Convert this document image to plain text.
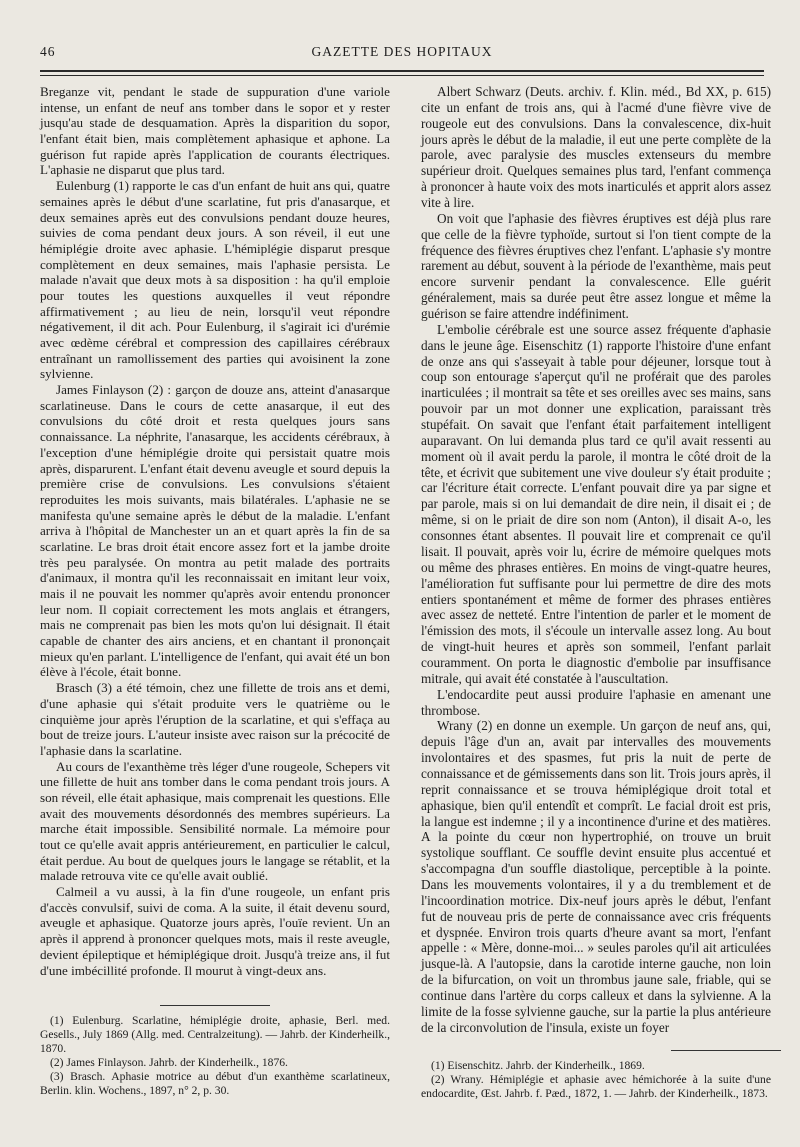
46	GAZETTE DES HOPITAUX

Breganze vit, pendant le stade de suppuration d'une variole intense, un enfant de neuf ans tomber dans le sopor et y rester jusqu'au stade de desquamation. Après la disparition du sopor, l'enfant était bien, mais complètement aphasique et aphone. La guérison fut rapide après l'application de courants électriques. L'aphasie ne disparut que plus tard.

Eulenburg (1) rapporte le cas d'un enfant de huit ans qui, quatre semaines après le début d'une scarlatine, fut pris d'anasarque, et deux semaines après eut des convulsions pendant douze heures, suivies de coma pendant deux jours. A son réveil, il eut une hémiplégie droite avec aphasie. L'hémiplégie disparut presque complètement en deux semaines, mais l'aphasie persista. Le malade n'avait que deux mots à sa disposition : ha qu'il emploie pour toutes les questions auxquelles il veut répondre affirmativement ; au lieu de nein, lorsqu'il veut répondre négativement, il dit ach. Pour Eulenburg, il s'agirait ici d'urémie avec œdème cérébral et compression des capillaires cérébraux entraînant un ramollissement des parties qui avoisinent la zone sylvienne.

James Finlayson (2) : garçon de douze ans, atteint d'anasarque scarlatineuse. Dans le cours de cette anasarque, il eut des convulsions du côté droit et resta quelques jours sans connaissance. La néphrite, l'anasarque, les accidents cérébraux, à l'exception d'une hémiplégie droite qui persistait quatre mois après, disparurent. L'enfant était devenu aveugle et sourd depuis la première crise de convulsions. Les convulsions s'étaient reproduites les mois suivants, mais bilatérales. L'aphasie ne se manifesta qu'une semaine après le début de la maladie. L'enfant arriva à l'hôpital de Manchester un an et quart après la fin de sa scarlatine. Le bras droit était encore assez fort et la jambe droite très peu paralysée. On montra au petit malade des portraits d'animaux, il montra qu'il les reconnaissait en imitant leur voix, mais il ne pouvait les nommer qu'après avoir entendu prononcer leur nom. Il copiait correctement les mots anglais et étrangers, mais ne comprenait pas bien les mots qu'on lui désignait. Il était capable de chanter des airs anciens, et en chantant il prononçait mieux qu'en parlant. L'intelligence de l'enfant, qui avait été un bon élève à l'école, était bonne.

Brasch (3) a été témoin, chez une fillette de trois ans et demi, d'une aphasie qui s'était produite vers le quatrième ou le cinquième jour après l'éruption de la scarlatine, et qui s'effaça au bout de treize jours. L'auteur insiste avec raison sur la précocité de l'aphasie dans la scarlatine.

Au cours de l'exanthème très léger d'une rougeole, Schepers vit une fillette de huit ans tomber dans le coma pendant trois jours. A son réveil, elle était aphasique, mais comprenait les questions. Elle avait des mouvements désordonnés des membres supérieurs. La marche était impossible. Sensibilité normale. La mémoire pour tout ce qu'elle avait appris antérieurement, en particulier le calcul, était perdue. Au bout de quelques jours le langage se rétablit, et la malade retrouva vite ce qu'elle avait oublié.

Calmeil a vu aussi, à la fin d'une rougeole, un enfant pris d'accès convulsif, suivi de coma. A la suite, il était devenu sourd, aveugle et aphasique. Quatorze jours après, l'ouïe revient. Un an après il apprend à prononcer quelques mots, mais il reste aveugle, devient épileptique et hémiplégique droit. Jusqu'à treize ans, il fut d'une imbécillité profonde. Il mourut à vingt-deux ans.

Albert Schwarz (Deuts. archiv. f. Klin. méd., Bd XX, p. 615) cite un enfant de trois ans, qui à l'acmé d'une fièvre vive de rougeole eut des convulsions. Dans la convalescence, dix-huit jours après le début de la maladie, il eut une perte complète de la parole, avec paralysie des muscles extenseurs du membre supérieur droit. Quelques semaines plus tard, l'enfant commença à prononcer à haute voix des mots inarticulés et apprit alors assez vite à lire.

On voit que l'aphasie des fièvres éruptives est déjà plus rare que celle de la fièvre typhoïde, surtout si l'on tient compte de la fréquence des fièvres éruptives chez l'enfant. L'aphasie s'y montre rarement au début, souvent à la période de l'exanthème, mais peut encore survenir pendant la convalescence. Elle guérit généralement, mais sa durée peut être assez longue et même la guérison se faire attendre indéfiniment.

L'embolie cérébrale est une source assez fréquente d'aphasie dans le jeune âge. Eisenschitz (1) rapporte l'histoire d'une enfant de onze ans qui s'asseyait à table pour déjeuner, lorsque tout à coup son entourage s'aperçut qu'il ne proférait que des paroles inarticulées ; il montrait sa tête et ses oreilles avec ses mains, sans pouvoir par un mot donner une explication, paraissant très stupéfait. On savait que l'enfant était parfaitement intelligent auparavant. On lui demanda plus tard ce qu'il avait ressenti au moment où il avait perdu la parole, il montra le côté droit de la tête, et écrivit que subitement une vive douleur s'y était produite ; car l'écriture était correcte. L'enfant pouvait dire ya par signe et par parole, mais si on lui demandait de dire nein, il disait ei ; de même, si on le priait de dire son nom (Anton), il disait A-o, les consonnes étant absentes. Il pouvait lire et comprenait ce qu'il lisait. Il pouvait, après voir lu, écrire de mémoire quelques mots ou même des phrases entières. En moins de vingt-quatre heures, l'amélioration fut suffisante pour lui permettre de dire des mots entiers spontanément et même de former des phrases entières avec assez de netteté. Entre l'intention de parler et le moment de l'émission des mots, il s'écoule un intervalle assez long. Au bout de vingt-huit heures et après son sommeil, l'enfant parlait couramment. On porta le diagnostic d'embolie par insuffisance mitrale, qui avait été constatée à l'auscultation.

L'endocardite peut aussi produire l'aphasie en amenant une thrombose.

Wrany (2) en donne un exemple. Un garçon de neuf ans, qui, depuis l'âge d'un an, avait par intervalles des mouvements involontaires et des spasmes, fut pris la nuit de perte de connaissance et de gémissements dans son lit. Trois jours après, il reprit connaissance et se trouva hémiplégique droit total et aphasique, bien qu'il entendît et comprît. Le facial droit est pris, la langue est indemne ; il y a incontinence d'urine et des matières. A la pointe du cœur non hypertrophié, on trouve un bruit systolique soufflant. Ce souffle devint ensuite plus accentué et s'accompagna d'un souffle diastolique, perceptible à la pointe. Dans les mouvements volontaires, il y a du tremblement et de l'incoordination motrice. Dix-neuf jours après le début, l'enfant fut de nouveau pris de perte de connaissance avec cris fréquents et dyspnée. Environ trois quarts d'heure avant sa mort, l'enfant appelle : « Mère, donne-moi... » seules paroles qu'il ait articulées jusque-là. A l'autopsie, dans la carotide interne gauche, non loin de la bifurcation, on voit un thrombus jaune sale, friable, qui se continue dans l'artère du corps calleux et dans la sylvienne. A la limite de la fosse sylvienne gauche, sur la partie la plus antérieure de la circonvolution de l'insula, existe un foyer

(1) Eulenburg. Scarlatine, hémiplégie droite, aphasie, Berl. med. Gesells., July 1869 (Allg. med. Centralzeitung). — Jahrb. der Kinderheilk., 1870.

(2) James Finlayson. Jahrb. der Kinderheilk., 1876.

(3) Brasch. Aphasie motrice au début d'un exanthème scarlatineux, Berlin. klin. Wochens., 1897, n° 2, p. 30.

(1) Eisenschitz. Jahrb. der Kinderheilk., 1869.

(2) Wrany. Hémiplégie et aphasie avec hémichorée à la suite d'une endocardite, Œst. Jahrb. f. Pæd., 1872, 1. — Jahrb. der Kinderheilk., 1873.
